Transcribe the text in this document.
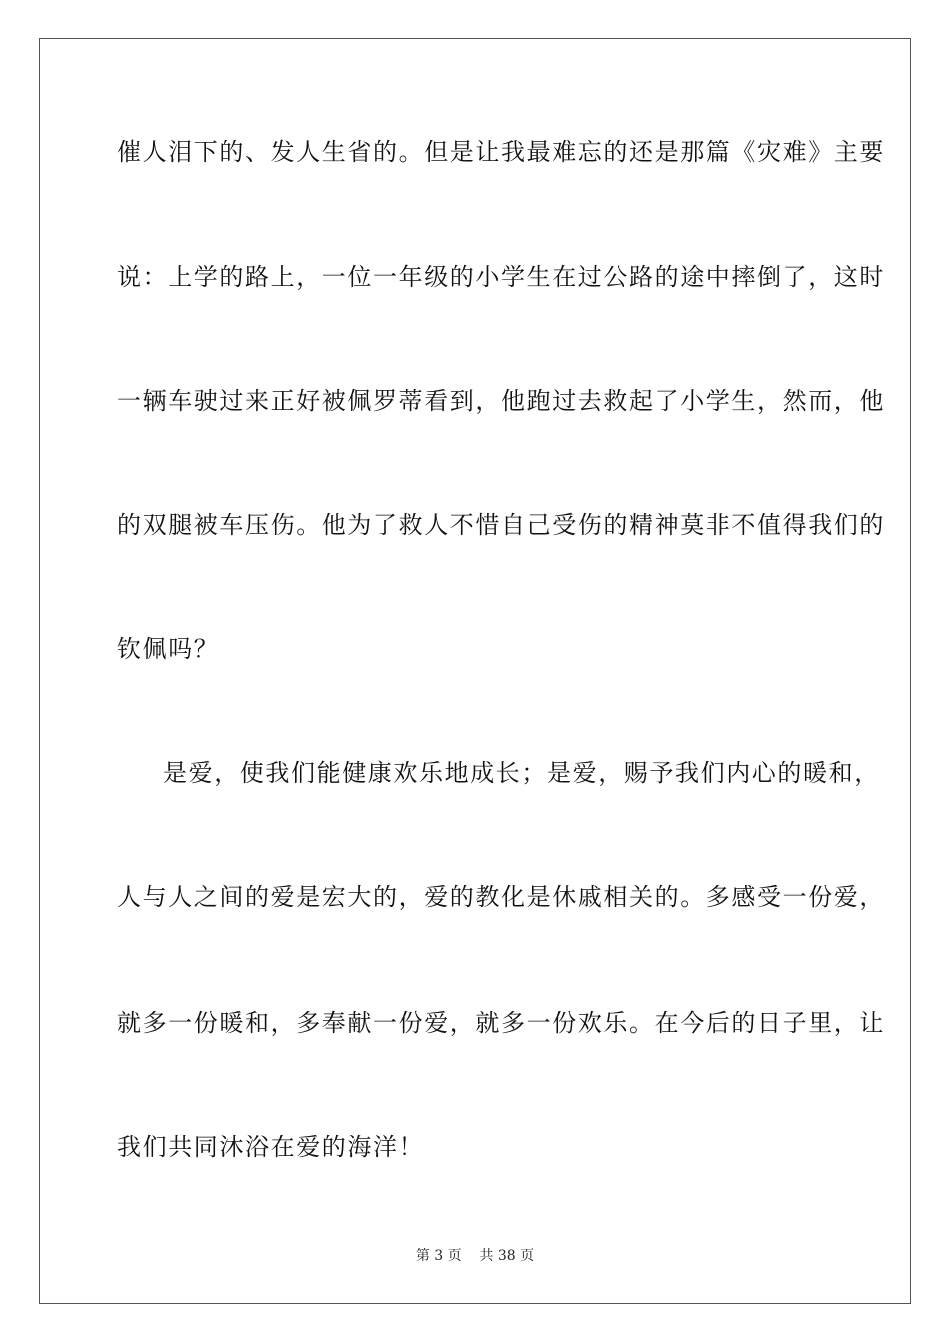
催人泪下的、发人生省的。但是让我最难忘的还是那篇《灾难》主要
说：上学的路上，一位一年级的小学生在过公路的途中摔倒了，这时
一辆车驶过来正好被佩罗蒂看到，他跑过去救起了小学生，然而，他
的双腿被车压伤。他为了救人不惜自己受伤的精神莫非不值得我们的
钦佩吗？
是爱，使我们能健康欢乐地成长；是爱，赐予我们内心的暖和，
人与人之间的爱是宏大的，爱的教化是休戚相关的。多感受一份爱，
就多一份暖和，多奉献一份爱，就多一份欢乐。在今后的日子里，让
我们共同沐浴在爱的海洋！
第 3 页 共 38 页
